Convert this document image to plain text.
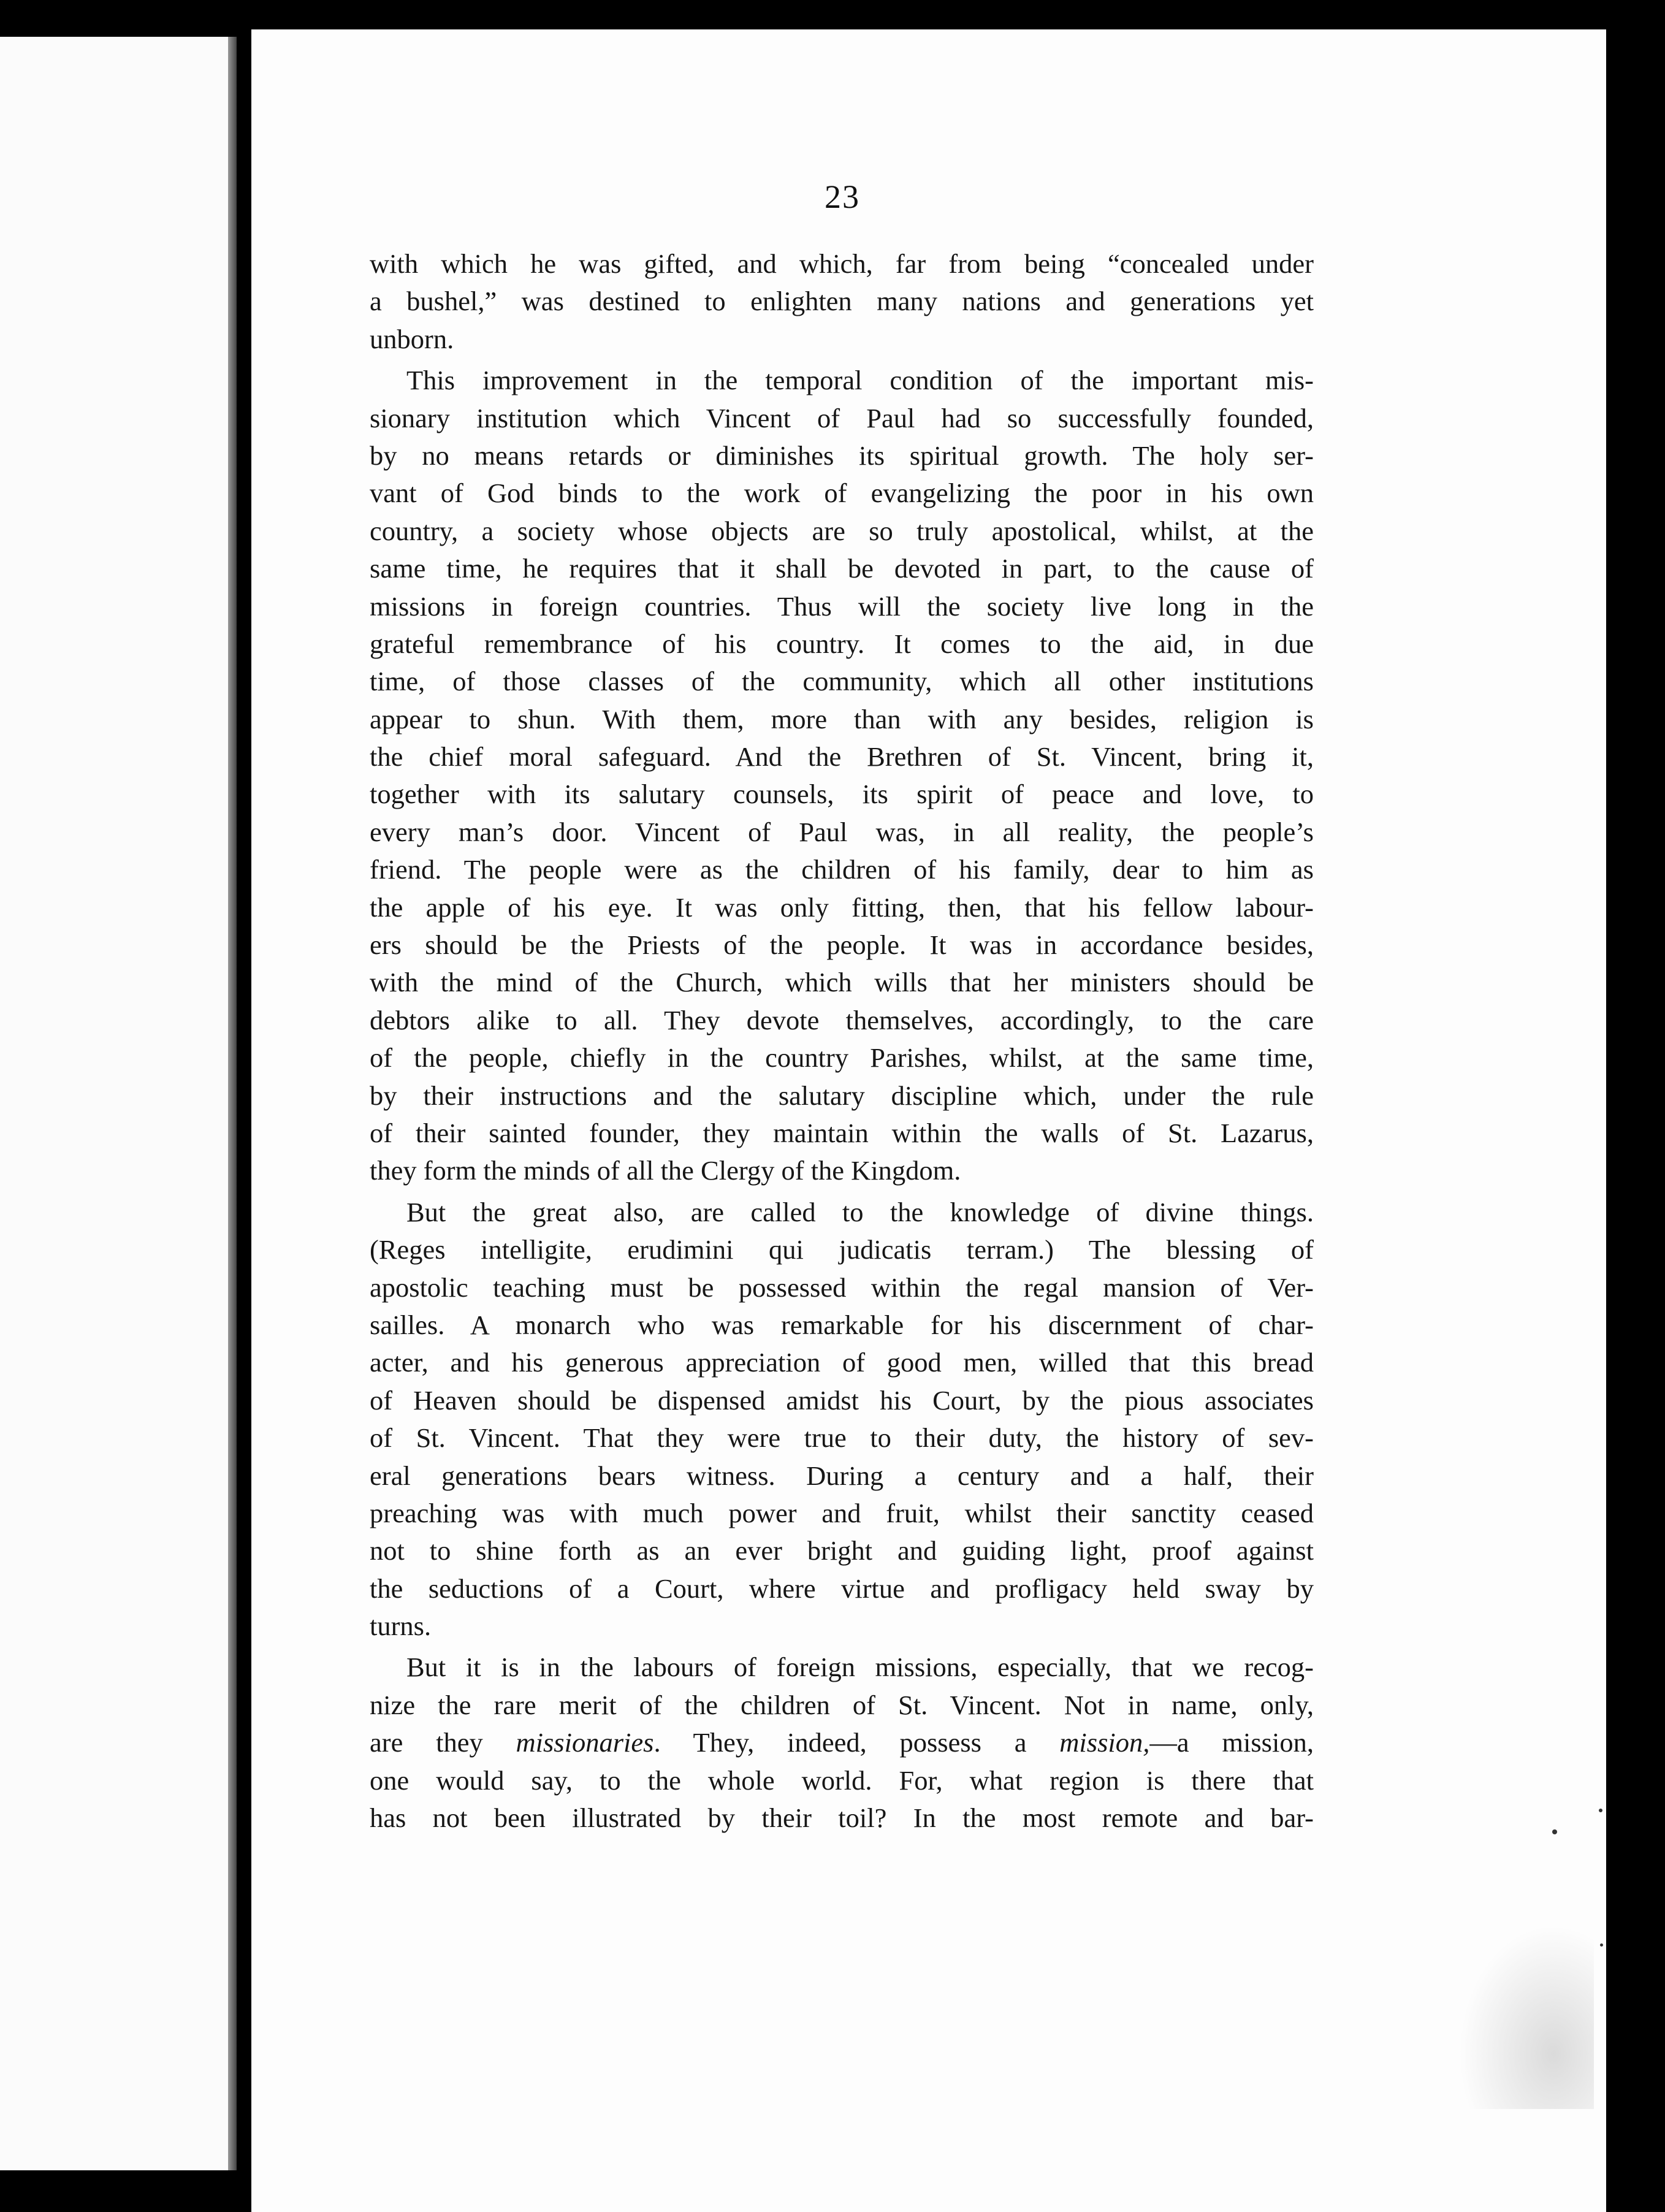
23
with which he was gifted, and which, far from being “concealed under
a bushel,” was destined to enlighten many nations and generations yet
unborn.
This improvement in the temporal condition of the important mis-
sionary institution which Vincent of Paul had so successfully founded,
by no means retards or diminishes its spiritual growth. The holy ser-
vant of God binds to the work of evangelizing the poor in his own
country, a society whose objects are so truly apostolical, whilst, at the
same time, he requires that it shall be devoted in part, to the cause of
missions in foreign countries. Thus will the society live long in the
grateful remembrance of his country. It comes to the aid, in due
time, of those classes of the community, which all other institutions
appear to shun. With them, more than with any besides, religion is
the chief moral safeguard. And the Brethren of St. Vincent, bring it,
together with its salutary counsels, its spirit of peace and love, to
every man’s door. Vincent of Paul was, in all reality, the people’s
friend. The people were as the children of his family, dear to him as
the apple of his eye. It was only fitting, then, that his fellow labour-
ers should be the Priests of the people. It was in accordance besides,
with the mind of the Church, which wills that her ministers should be
debtors alike to all. They devote themselves, accordingly, to the care
of the people, chiefly in the country Parishes, whilst, at the same time,
by their instructions and the salutary discipline which, under the rule
of their sainted founder, they maintain within the walls of St. Lazarus,
they form the minds of all the Clergy of the Kingdom.
But the great also, are called to the knowledge of divine things.
(Reges intelligite, erudimini qui judicatis terram.) The blessing of
apostolic teaching must be possessed within the regal mansion of Ver-
sailles. A monarch who was remarkable for his discernment of char-
acter, and his generous appreciation of good men, willed that this bread
of Heaven should be dispensed amidst his Court, by the pious associates
of St. Vincent. That they were true to their duty, the history of sev-
eral generations bears witness. During a century and a half, their
preaching was with much power and fruit, whilst their sanctity ceased
not to shine forth as an ever bright and guiding light, proof against
the seductions of a Court, where virtue and profligacy held sway by
turns.
But it is in the labours of foreign missions, especially, that we recog-
nize the rare merit of the children of St. Vincent. Not in name, only,
are they missionaries. They, indeed, possess a mission,—a mission,
one would say, to the whole world. For, what region is there that
has not been illustrated by their toil? In the most remote and bar-
